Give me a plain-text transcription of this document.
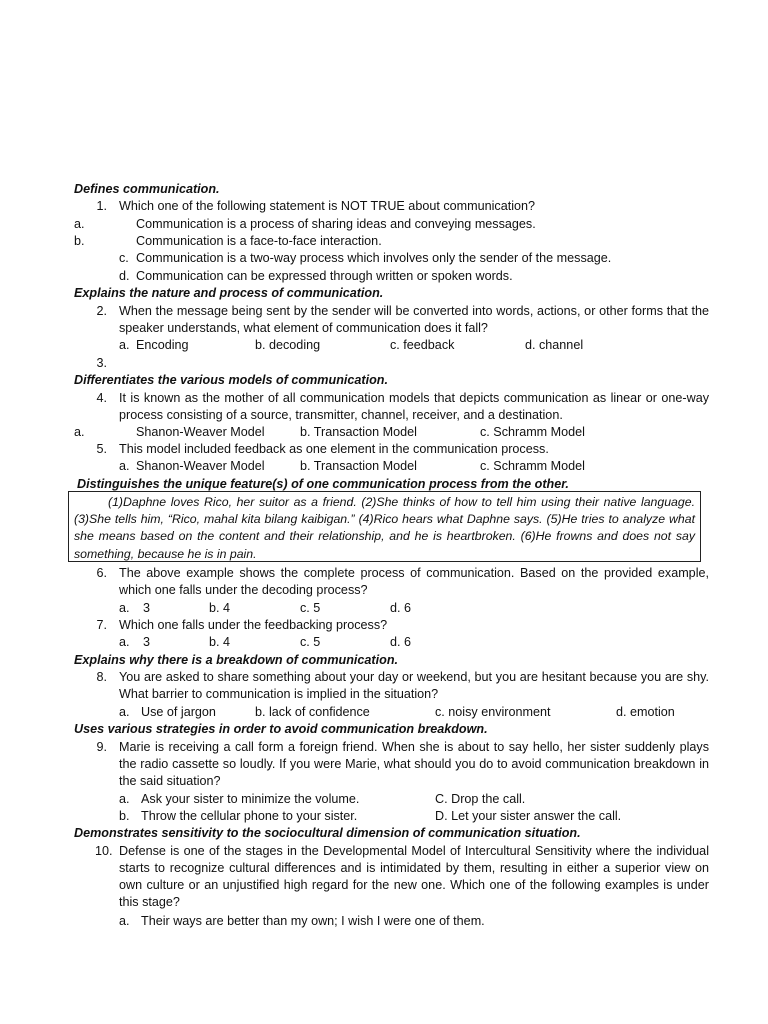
Defines communication.
1. Which one of the following statement is NOT TRUE about communication?
a.	Communication is a process of sharing ideas and conveying messages.
b.	Communication is a face-to-face interaction.
c. Communication is a two-way process which involves only the sender of the message.
d. Communication can be expressed through written or spoken words.
Explains the nature and process of communication.
2. When the message being sent by the sender will be converted into words, actions, or other forms that the speaker understands, what element of communication does it fall?
a. Encoding	b. decoding	c. feedback	d. channel
3.
Differentiates the various models of communication.
4. It is known as the mother of all communication models that depicts communication as linear or one-way process consisting of a source, transmitter, channel, receiver, and a destination.
a.	Shanon-Weaver Model	b. Transaction Model	c. Schramm Model
5. This model included feedback as one element in the communication process.
a. Shanon-Weaver Model	b. Transaction Model	c. Schramm Model
Distinguishes the unique feature(s) of one communication process from the other.
(1)Daphne loves Rico, her suitor as a friend. (2)She thinks of how to tell him using their native language. (3)She tells him, “Rico, mahal kita bilang kaibigan.” (4)Rico hears what Daphne says. (5)He tries to analyze what she means based on the content and their relationship, and he is heartbroken. (6)He frowns and does not say something, because he is in pain.
6. The above example shows the complete process of communication. Based on the provided example, which one falls under the decoding process?
a. 3	b. 4	c. 5	d. 6
7. Which one falls under the feedbacking process?
a. 3	b. 4	c. 5	d. 6
Explains why there is a breakdown of communication.
8. You are asked to share something about your day or weekend, but you are hesitant because you are shy. What barrier to communication is implied in the situation?
a. Use of jargon	b. lack of confidence	c. noisy environment	d. emotion
Uses various strategies in order to avoid communication breakdown.
9. Marie is receiving a call form a foreign friend. When she is about to say hello, her sister suddenly plays the radio cassette so loudly. If you were Marie, what should you do to avoid communication breakdown in the said situation?
a. Ask your sister to minimize the volume.	C. Drop the call.
b. Throw the cellular phone to your sister.	D. Let your sister answer the call.
Demonstrates sensitivity to the sociocultural dimension of communication situation.
10. Defense is one of the stages in the Developmental Model of Intercultural Sensitivity where the individual starts to recognize cultural differences and is intimidated by them, resulting in either a superior view on own culture or an unjustified high regard for the new one. Which one of the following examples is under this stage?
a. Their ways are better than my own; I wish I were one of them.
